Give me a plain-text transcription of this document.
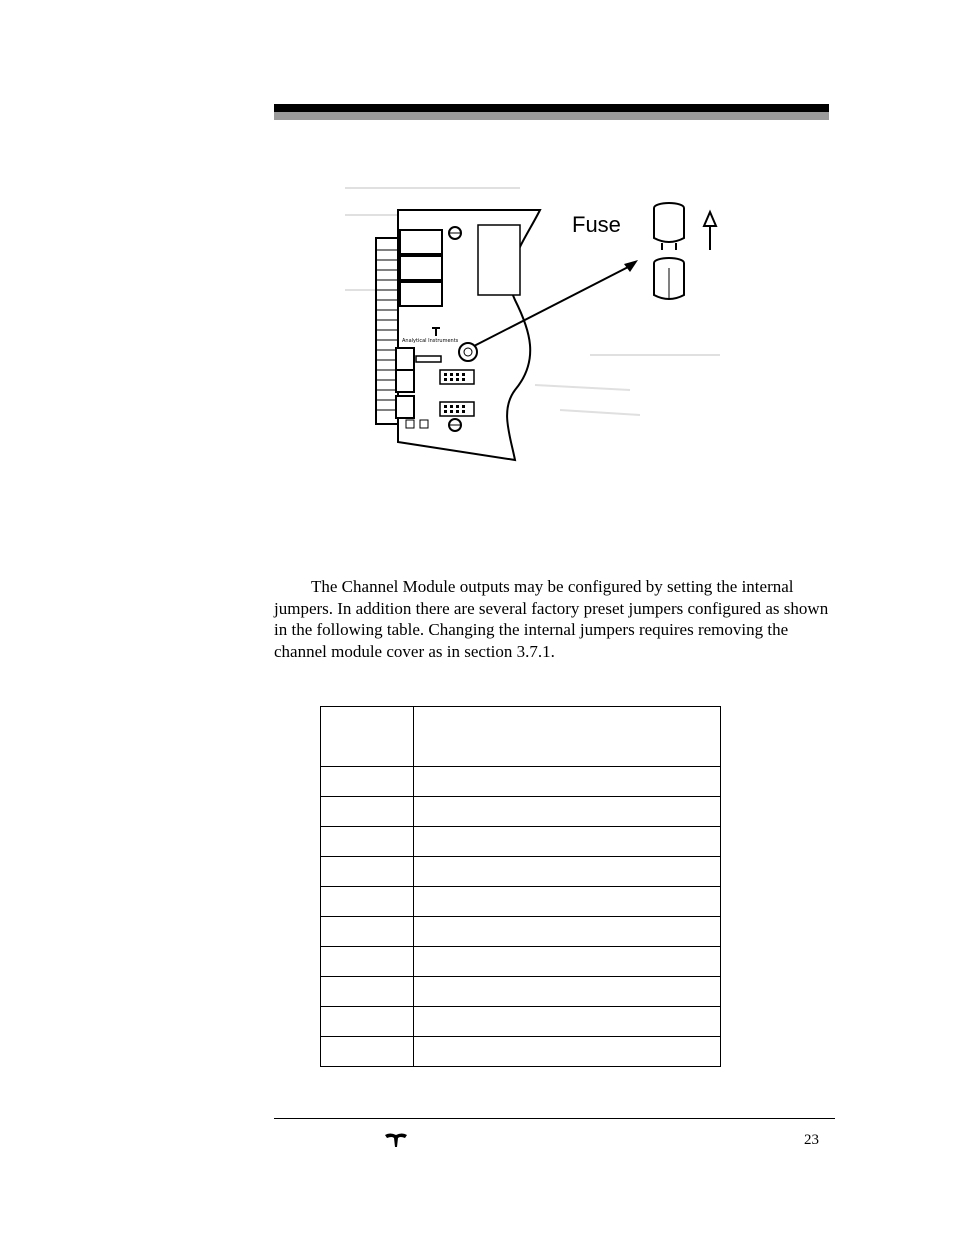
Analytical Instruments
Fuse

The Channel Module outputs may be configured by setting the internal jumpers. In addition there are several factory preset jumpers configured as shown in the following table. Changing the internal jumpers requires removing the channel module cover as in section 3.7.1.

23
